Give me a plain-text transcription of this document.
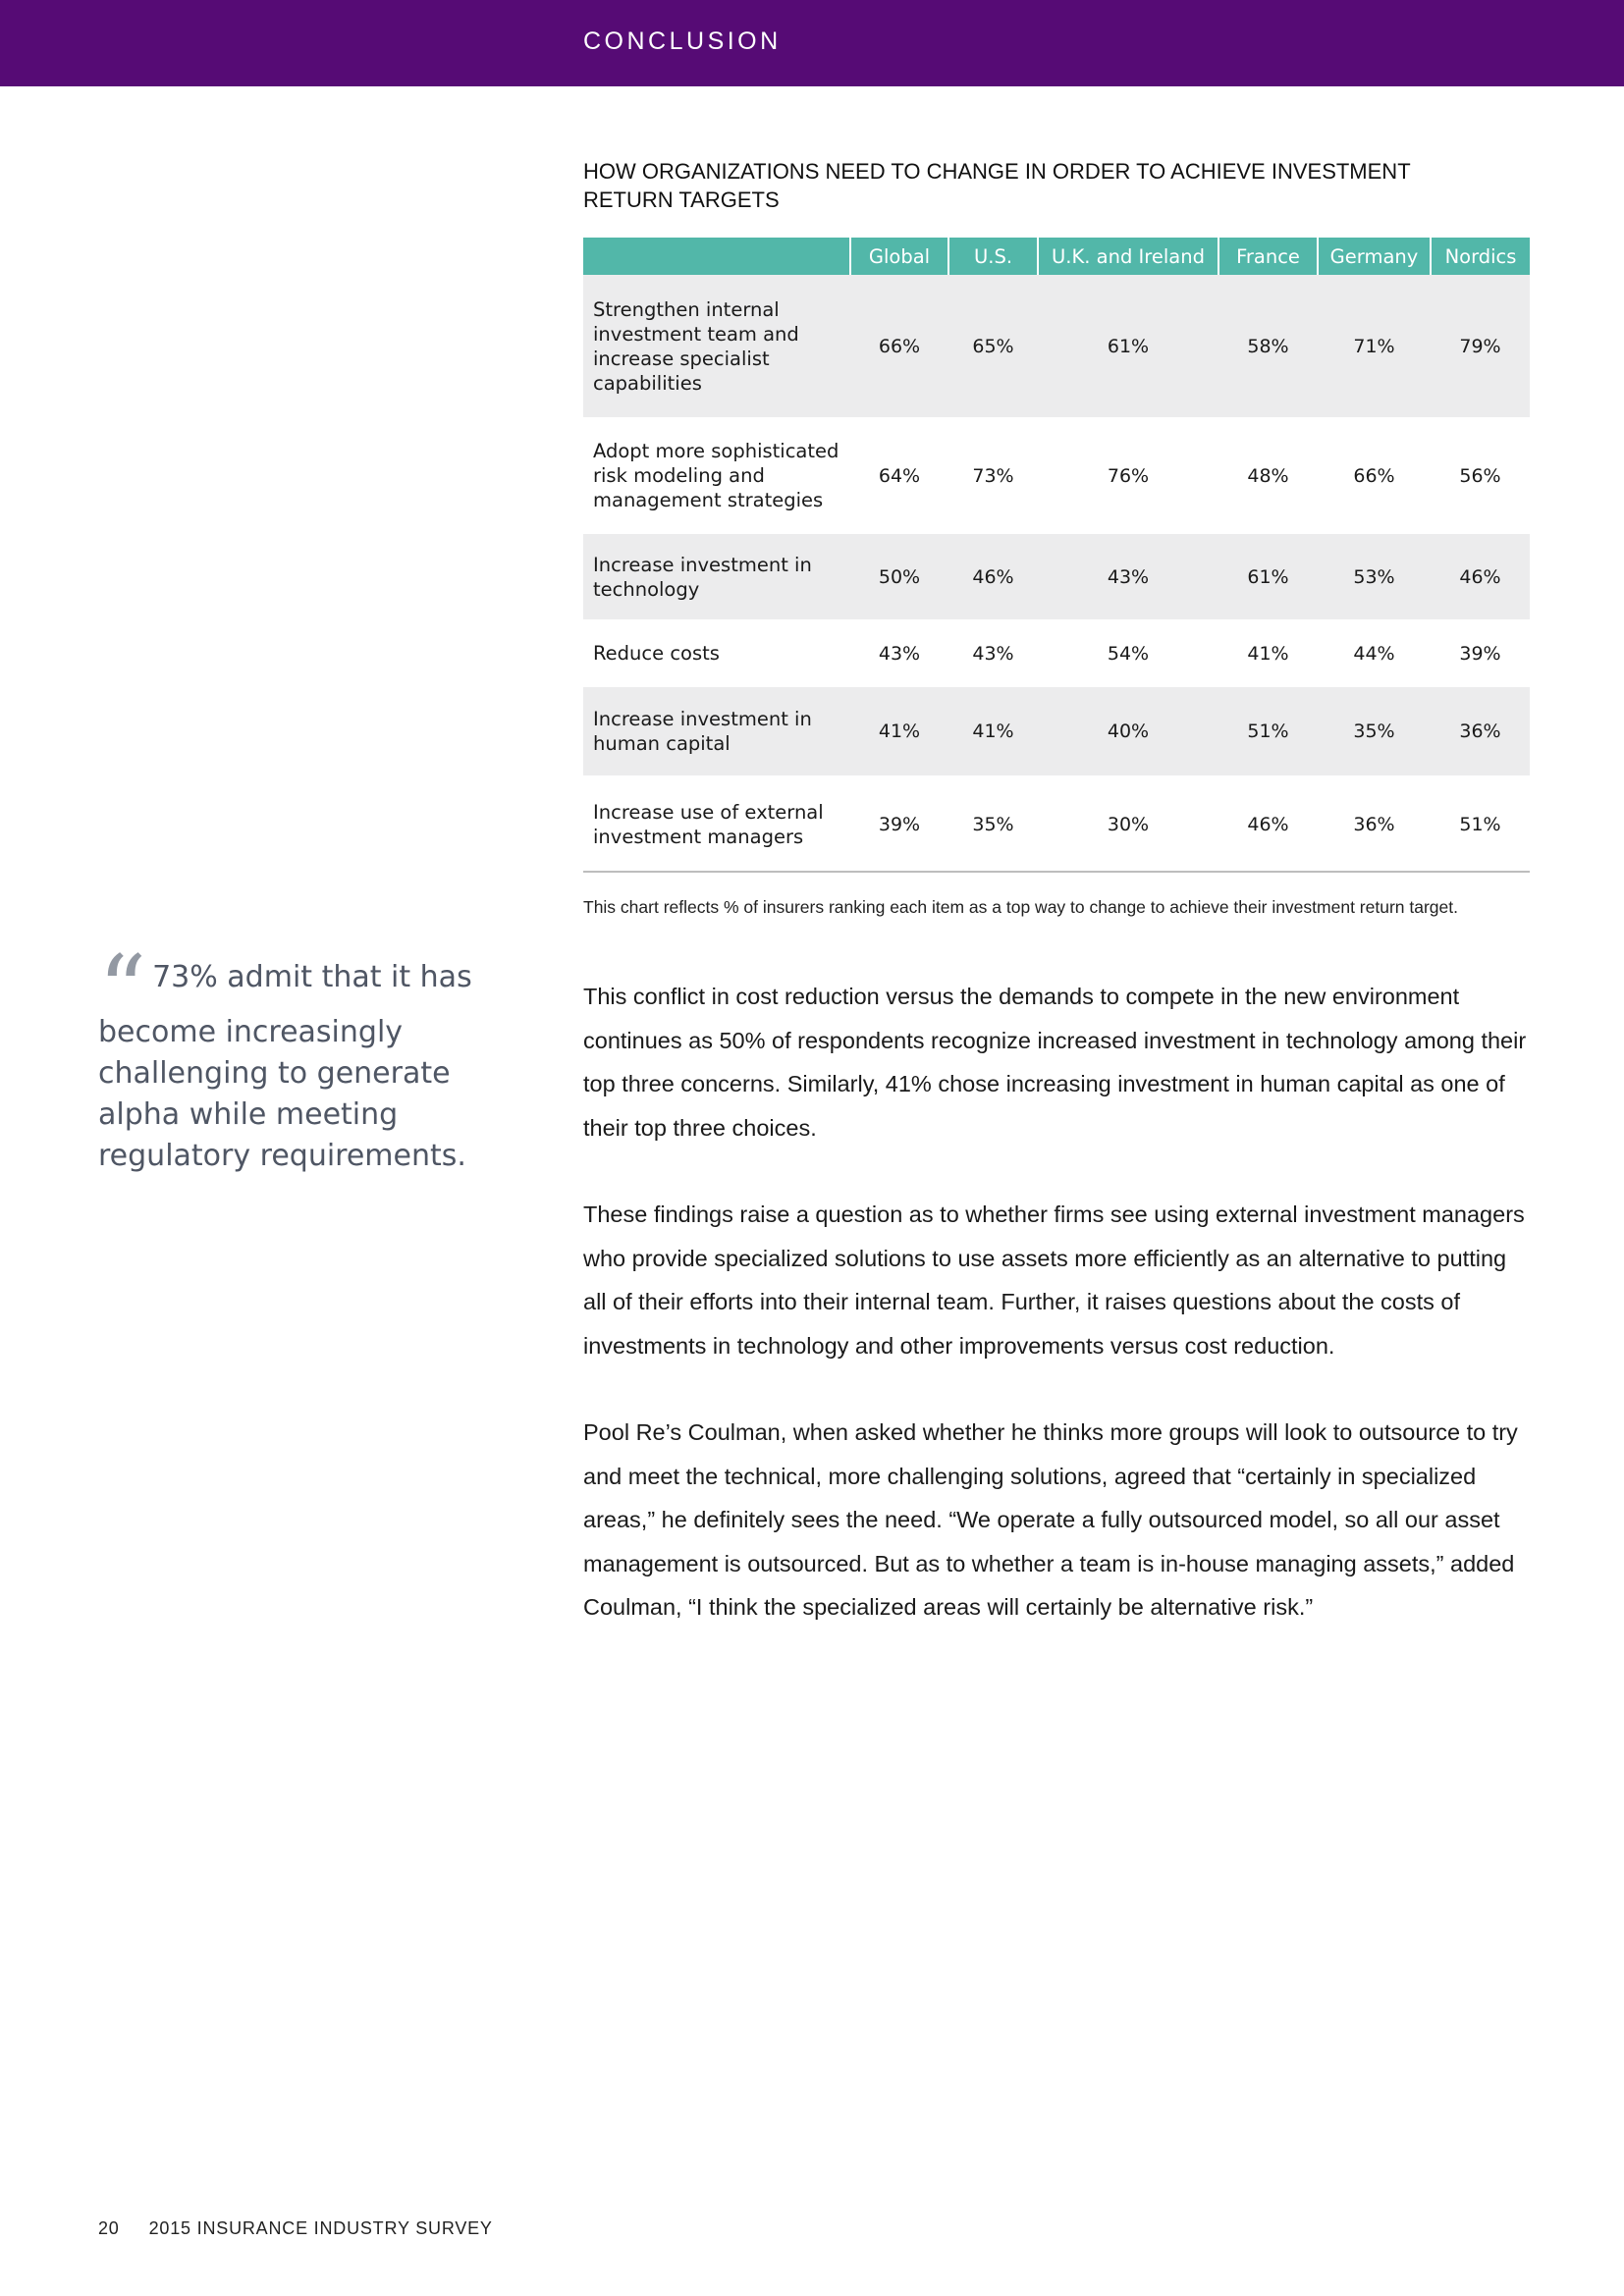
CONCLUSION
HOW ORGANIZATIONS NEED TO CHANGE IN ORDER TO ACHIEVE INVESTMENT RETURN TARGETS
	Global	U.S.	U.K. and Ireland	France	Germany	Nordics
Strengthen internal investment team and increase specialist capabilities	66%	65%	61%	58%	71%	79%
Adopt more sophisticated risk modeling and management strategies	64%	73%	76%	48%	66%	56%
Increase investment in technology	50%	46%	43%	61%	53%	46%
Reduce costs	43%	43%	54%	41%	44%	39%
Increase investment in human capital	41%	41%	40%	51%	35%	36%
Increase use of external investment managers	39%	35%	30%	46%	36%	51%
This chart reflects % of insurers ranking each item as a top way to change to achieve their investment return target.
“ 73% admit that it has become increasingly challenging to generate alpha while meeting regulatory requirements.

This conflict in cost reduction versus the demands to compete in the new environment continues as 50% of respondents recognize increased investment in technology among their top three concerns. Similarly, 41% chose increasing investment in human capital as one of their top three choices.

These findings raise a question as to whether firms see using external investment managers who provide specialized solutions to use assets more efficiently as an alternative to putting all of their efforts into their internal team. Further, it raises questions about the costs of investments in technology and other improvements versus cost reduction.

Pool Re’s Coulman, when asked whether he thinks more groups will look to outsource to try and meet the technical, more challenging solutions, agreed that “certainly in specialized areas,” he definitely sees the need. “We operate a fully outsourced model, so all our asset management is outsourced. But as to whether a team is in-house managing assets,” added Coulman, “I think the specialized areas will certainly be alternative risk.”

20 2015 INSURANCE INDUSTRY SURVEY
